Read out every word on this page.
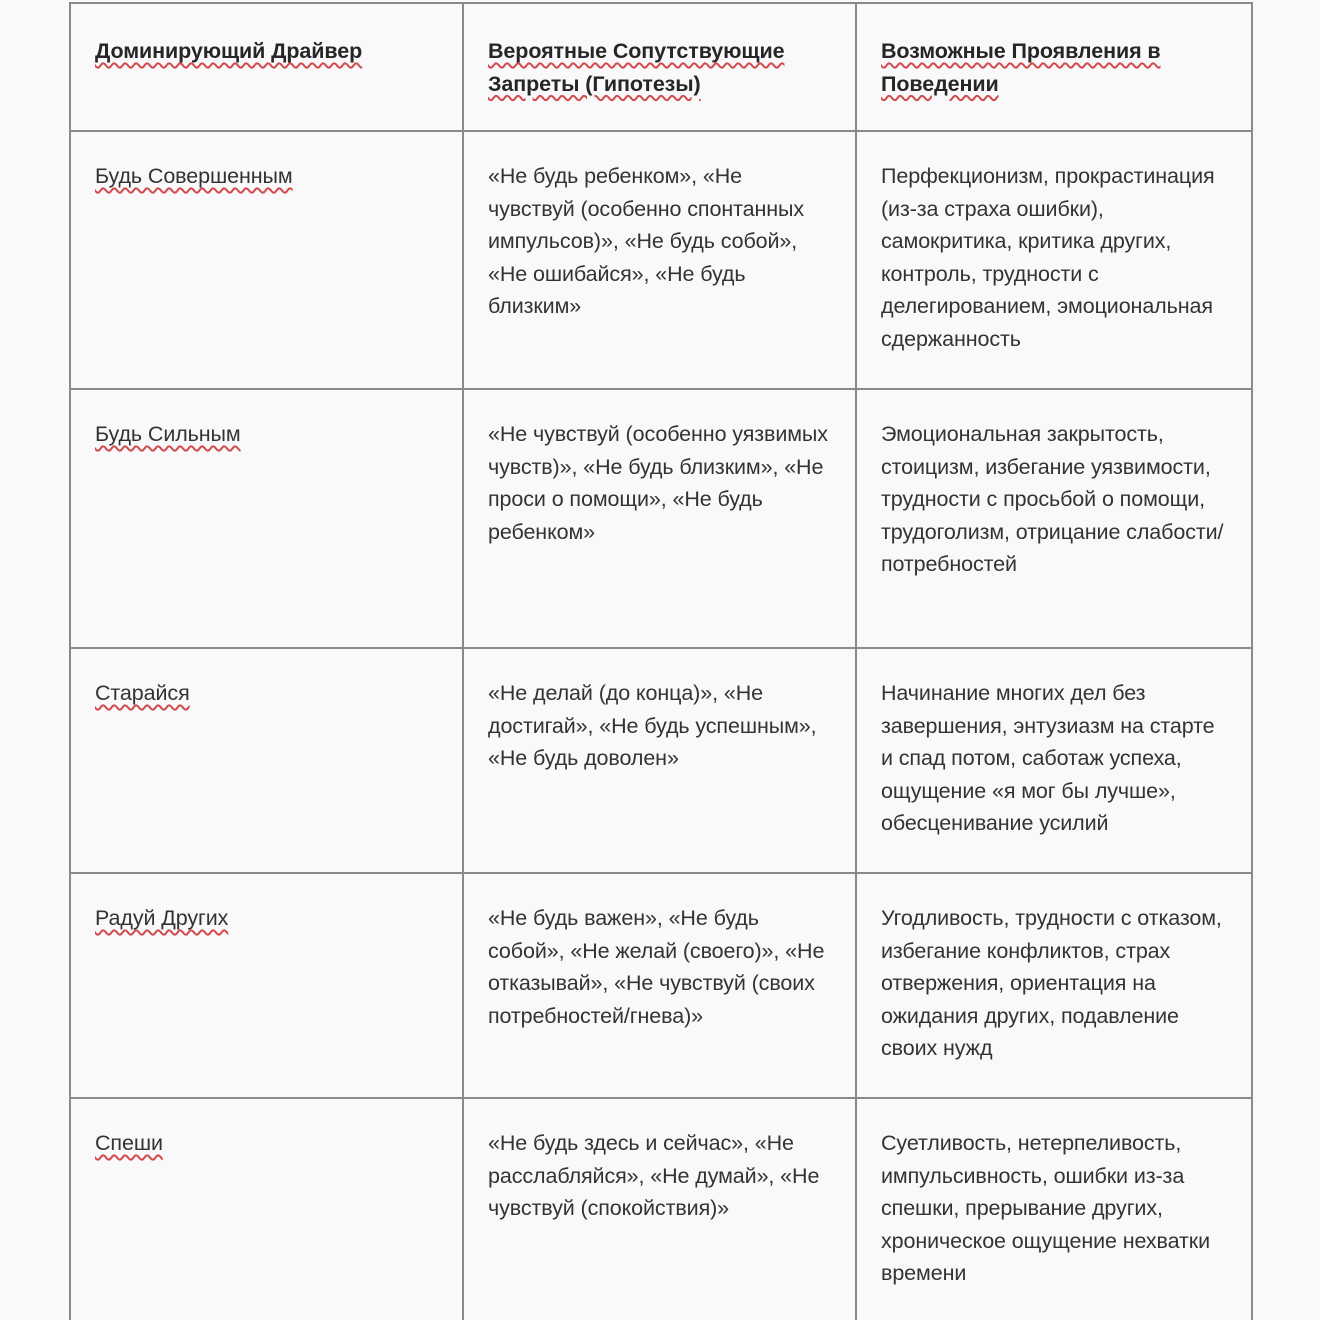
Доминирующий Драйвер	Вероятные Сопутствующие Запреты (Гипотезы)	Возможные Проявления в Поведении
Будь Совершенным	«Не будь ребенком», «Не чувствуй (особенно спонтанных импульсов)», «Не будь собой», «Не ошибайся», «Не будь близким»	Перфекционизм, прокрастинация (из-за страха ошибки), самокритика, критика других, контроль, трудности с делегированием, эмоциональная сдержанность
Будь Сильным	«Не чувствуй (особенно уязвимых чувств)», «Не будь близким», «Не проси о помощи», «Не будь ребенком»	Эмоциональная закрытость, стоицизм, избегание уязвимости, трудности с просьбой о помощи, трудоголизм, отрицание слабости/потребностей
Старайся	«Не делай (до конца)», «Не достигай», «Не будь успешным», «Не будь доволен»	Начинание многих дел без завершения, энтузиазм на старте и спад потом, саботаж успеха, ощущение «я мог бы лучше», обесценивание усилий
Радуй Других	«Не будь важен», «Не будь собой», «Не желай (своего)», «Не отказывай», «Не чувствуй (своих потребностей/гнева)»	Угодливость, трудности с отказом, избегание конфликтов, страх отвержения, ориентация на ожидания других, подавление своих нужд
Спеши	«Не будь здесь и сейчас», «Не расслабляйся», «Не думай», «Не чувствуй (спокойствия)»	Суетливость, нетерпеливость, импульсивность, ошибки из-за спешки, прерывание других, хроническое ощущение нехватки времени
